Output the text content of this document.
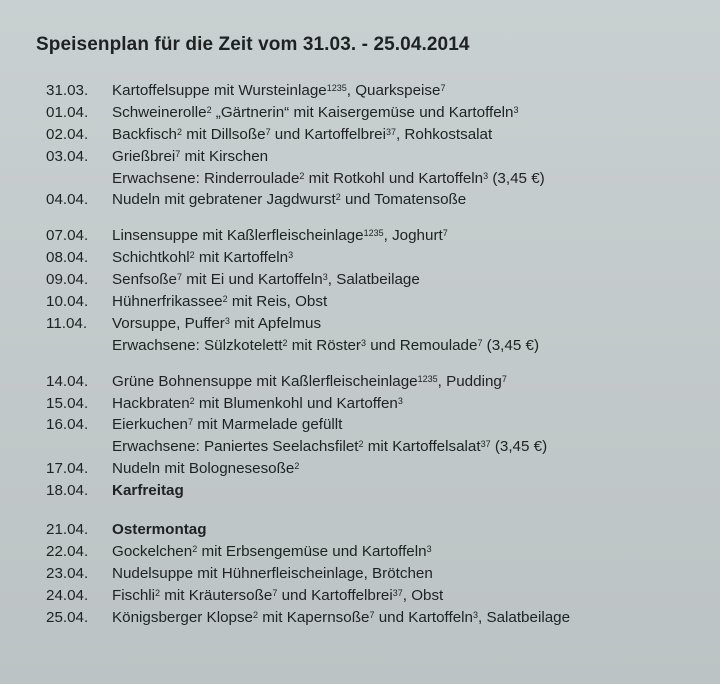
Speisenplan für die Zeit vom 31.03. - 25.04.2014
31.03.	Kartoffelsuppe mit Wursteinlage$^{1235}$, Quarkspeise$^7$
01.04.	Schweinerolle$^2$ „Gärtnerin“ mit Kaisergemüse und Kartoffeln$^3$
02.04.	Backfisch$^2$ mit Dillsoße$^7$ und Kartoffelbrei$^{37}$, Rohkostsalat
03.04.	Grießbrei$^7$ mit Kirschen
Erwachsene: Rinderroulade$^2$ mit Rotkohl und Kartoffeln$^3$ (3,45 €)
04.04.	Nudeln mit gebratener Jagdwurst$^2$ und Tomatensoße
07.04.	Linsensuppe mit Kaßlerfleischeinlage$^{1235}$, Joghurt$^7$
08.04.	Schichtkohl$^2$ mit Kartoffeln$^3$
09.04.	Senfsoße$^7$ mit Ei und Kartoffeln$^3$, Salatbeilage
10.04.	Hühnerfrikassee$^2$ mit Reis, Obst
11.04.	Vorsuppe, Puffer$^3$ mit Apfelmus
Erwachsene: Sülzkotelett$^2$ mit Röster$^3$ und Remoulade$^7$ (3,45 €)
14.04.	Grüne Bohnensuppe mit Kaßlerfleischeinlage$^{1235}$, Pudding$^7$
15.04.	Hackbraten$^2$ mit Blumenkohl und Kartoffen$^3$
16.04.	Eierkuchen$^7$ mit Marmelade gefüllt
Erwachsene: Paniertes Seelachsfilet$^2$ mit Kartoffelsalat$^{37}$ (3,45 €)
17.04.	Nudeln mit Bolognesesoße$^2$
18.04.	Karfreitag
21.04.	Ostermontag
22.04.	Gockelchen$^2$ mit Erbsengemüse und Kartoffeln$^3$
23.04.	Nudelsuppe mit Hühnerfleischeinlage, Brötchen
24.04.	Fischli$^2$ mit Kräutersoße$^7$ und Kartoffelbrei$^{37}$, Obst
25.04.	Königsberger Klopse$^2$ mit Kapernsoße$^7$ und Kartoffeln$^3$, Salatbeilage
